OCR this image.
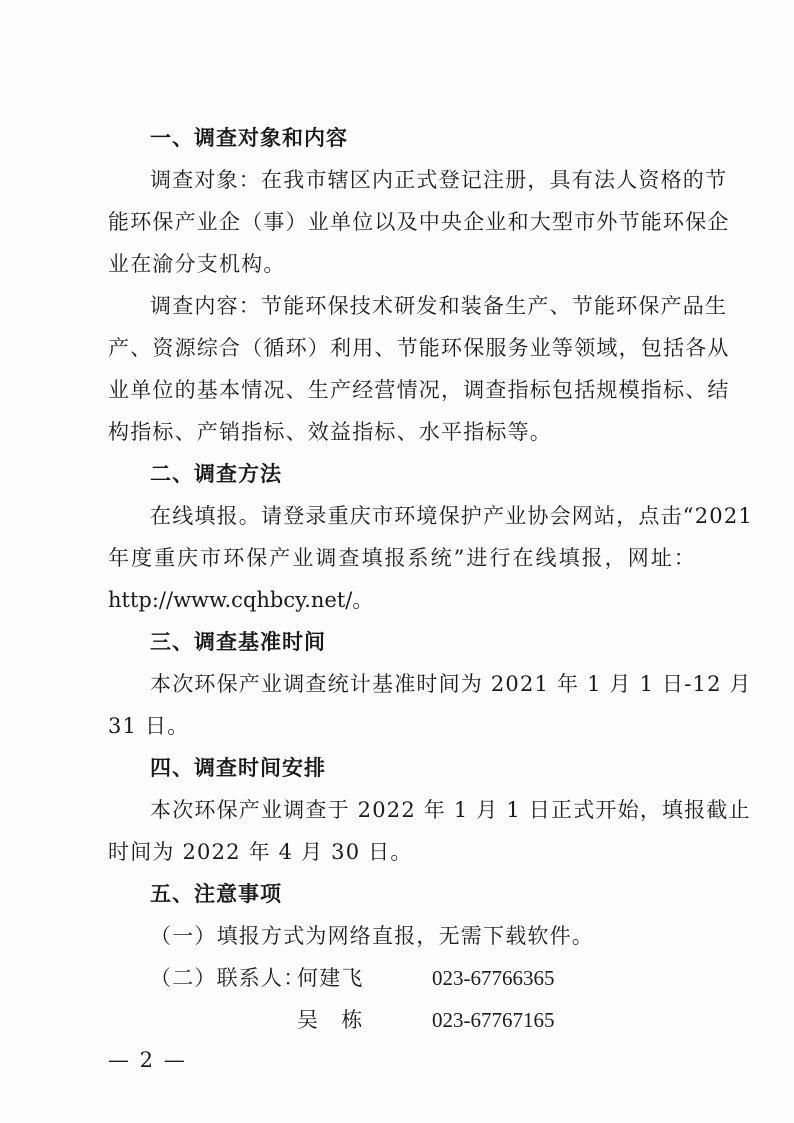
一、调查对象和内容
调查对象：在我市辖区内正式登记注册，具有法人资格的节
能环保产业企（事）业单位以及中央企业和大型市外节能环保企
业在渝分支机构。
调查内容：节能环保技术研发和装备生产、节能环保产品生
产、资源综合（循环）利用、节能环保服务业等领域，包括各从
业单位的基本情况、生产经营情况，调查指标包括规模指标、结
构指标、产销指标、效益指标、水平指标等。
二、调查方法
在线填报。请登录重庆市环境保护产业协会网站，点击“2021
年度重庆市环保产业调查填报系统”进行在线填报，网址：
http://www.cqhbcy.net/。
三、调查基准时间
本次环保产业调查统计基准时间为 2021 年 1 月 1 日-12 月
31 日。
四、调查时间安排
本次环保产业调查于 2022 年 1 月 1 日正式开始，填报截止
时间为 2022 年 4 月 30 日。
五、注意事项
（一）填报方式为网络直报，无需下载软件。
（二）联系人：
何建飞	023-67766365
吴　栋	023-67767165
— 2 —
